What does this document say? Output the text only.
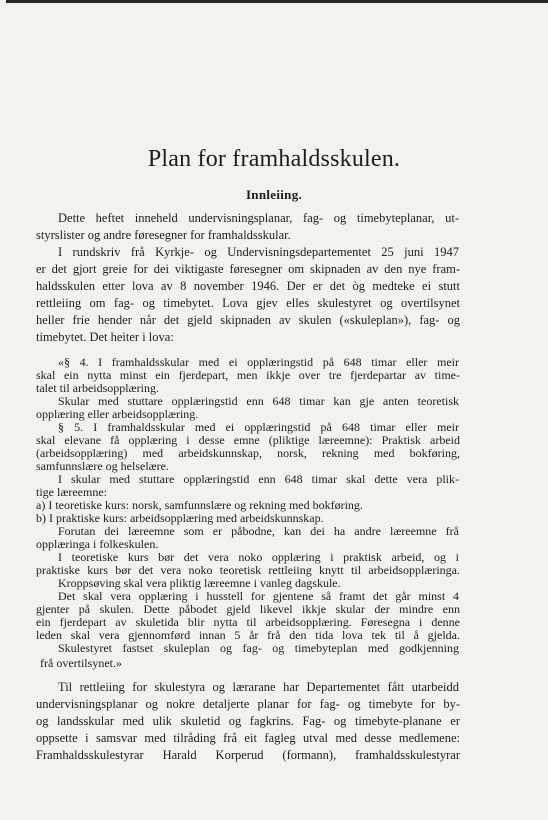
Plan for framhaldsskulen.
Innleiing.
Dette heftet inneheld undervisningsplanar, fag- og timebyteplanar, ut-
styrslister og andre føresegner for framhaldsskular.
I rundskriv frå Kyrkje- og Undervisningsdepartementet 25 juni 1947
er det gjort greie for dei viktigaste føresegner om skipnaden av den nye fram-
haldsskulen etter lova av 8 november 1946. Der er det òg medteke ei stutt
rettleiing om fag- og timebytet. Lova gjev elles skulestyret og overtilsynet
heller frie hender når det gjeld skipnaden av skulen («skuleplan»), fag- og
timebytet. Det heiter i lova:
«§ 4. I framhaldsskular med ei opplæringstid på 648 timar eller meir
skal ein nytta minst ein fjerdepart, men ikkje over tre fjerdepartar av time-
talet til arbeidsopplæring.
Skular med stuttare opplæringstid enn 648 timar kan gje anten teoretisk
opplæring eller arbeidsopplæring.
§ 5. I framhaldsskular med ei opplæringstid på 648 timar eller meir
skal elevane få opplæring i desse emne (pliktige læreemne): Praktisk arbeid
(arbeidsopplæring) med arbeidskunnskap, norsk, rekning med bokføring,
samfunnslære og helselære.
I skular med stuttare opplæringstid enn 648 timar skal dette vera plik-
tige læreemne:
a) I teoretiske kurs: norsk, samfunnslære og rekning med bokføring.
b) I praktiske kurs: arbeidsopplæring med arbeidskunnskap.
Forutan dei læreemne som er påbodne, kan dei ha andre læreemne frå
opplæringa i folkeskulen.
I teoretiske kurs bør det vera noko opplæring i praktisk arbeid, og i
praktiske kurs bør det vera noko teoretisk rettleiing knytt til arbeidsopplæringa.
Kroppsøving skal vera pliktig læreemne i vanleg dagskule.
Det skal vera opplæring i husstell for gjentene så framt det går minst 4
gjenter på skulen. Dette påbodet gjeld likevel ikkje skular der mindre enn
ein fjerdepart av skuletida blir nytta til arbeidsopplæring. Føresegna i denne
leden skal vera gjennomførd innan 5 år frå den tida lova tek til å gjelda.
Skulestyret fastset skuleplan og fag- og timebyteplan med godkjenning
frå overtilsynet.»
Til rettleiing for skulestyra og lærarane har Departementet fått utarbeidd
undervisningsplanar og nokre detaljerte planar for fag- og timebyte for by-
og landsskular med ulik skuletid og fagkrins. Fag- og timebyte-planane er
oppsette i samsvar med tilråding frå eit fagleg utval med desse medlemene:
Framhaldsskulestyrar Harald Korperud (formann), framhaldsskulestyrar
